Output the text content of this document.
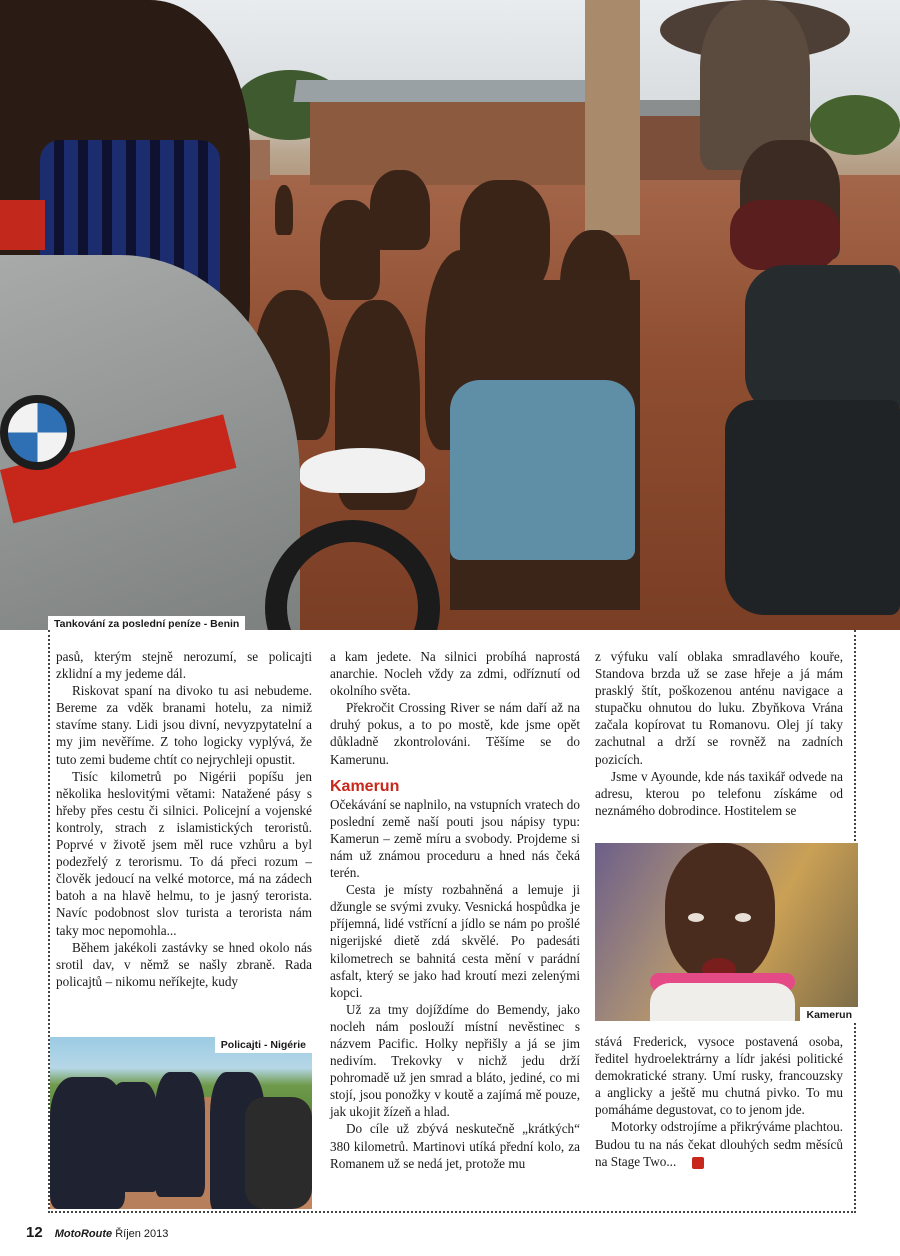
Tankování za poslední peníze - Benin

pasů, kterým stejně nerozumí, se policajti zklidní a my jedeme dál.

Riskovat spaní na divoko tu asi nebudeme. Bereme za vděk branami hotelu, za nimiž stavíme stany. Lidi jsou divní, nevyzpytatelní a my jim nevěříme. Z toho logicky vyplývá, že tuto zemi budeme chtít co nejrychleji opustit.

Tisíc kilometrů po Nigérii popíšu jen několika heslovitými větami: Natažené pásy s hřeby přes cestu či silnici. Policejní a vojenské kontroly, strach z islamistických teroristů. Poprvé v životě jsem měl ruce vzhůru a byl podezřelý z terorismu. To dá přeci rozum – člověk jedoucí na velké motorce, má na zádech batoh a na hlavě helmu, to je jasný terorista. Navíc podobnost slov turista a terorista nám taky moc nepomohla...

Během jakékoli zastávky se hned okolo nás srotil dav, v němž se našly zbraně. Rada policajtů – nikomu neříkejte, kudy

Policajti - Nigérie

a kam jedete. Na silnici probíhá naprostá anarchie. Nocleh vždy za zdmi, odříznutí od okolního světa.

Překročit Crossing River se nám daří až na druhý pokus, a to po mostě, kde jsme opět důkladně zkontrolováni. Těšíme se do Kamerunu.

Kamerun

Očekávání se naplnilo, na vstupních vratech do poslední země naší pouti jsou nápisy typu: Kamerun – země míru a svobody. Projdeme si nám už známou proceduru a hned nás čeká terén.

Cesta je místy rozbahněná a lemuje ji džungle se svými zvuky. Vesnická hospůdka je příjemná, lidé vstřícní a jídlo se nám po prošlé nigerijské dietě zdá skvělé. Po padesáti kilometrech se bahnitá cesta mění v parádní asfalt, který se jako had kroutí mezi zelenými kopci.

Už za tmy dojíždíme do Bemendy, jako nocleh nám poslouží místní nevěstinec s názvem Pacific. Holky nepřišly a já se jim nedivím. Trekovky v nichž jedu drží pohromadě už jen smrad a bláto, jediné, co mi stojí, jsou ponožky v koutě a zajímá mě pouze, jak ukojit žízeň a hlad.

Do cíle už zbývá neskutečně „krátkých“ 380 kilometrů. Martinovi utíká přední kolo, za Romanem už se nedá jet, protože mu

z výfuku valí oblaka smradlavého kouře, Standova brzda už se zase hřeje a já mám prasklý štít, poškozenou anténu navigace a stupačku ohnutou do luku. Zbyňkova Vrána začala kopírovat tu Romanovu. Olej jí taky zachutnal a drží se rovněž na zadních pozicích.

Jsme v Ayounde, kde nás taxikář odvede na adresu, kterou po telefonu získáme od neznámého dobrodince. Hostitelem se

Kamerun

stává Frederick, vysoce postavená osoba, ředitel hydroelektrárny a lídr jakési politické demokratické strany. Umí rusky, francouzsky a anglicky a ještě mu chutná pivko. To mu pomáháme degustovat, co to jenom jde.

Motorky odstrojíme a přikrýváme plachtou. Budou tu na nás čekat dlouhých sedm měsíců na Stage Two...	M

12 MotoRoute Říjen 2013
